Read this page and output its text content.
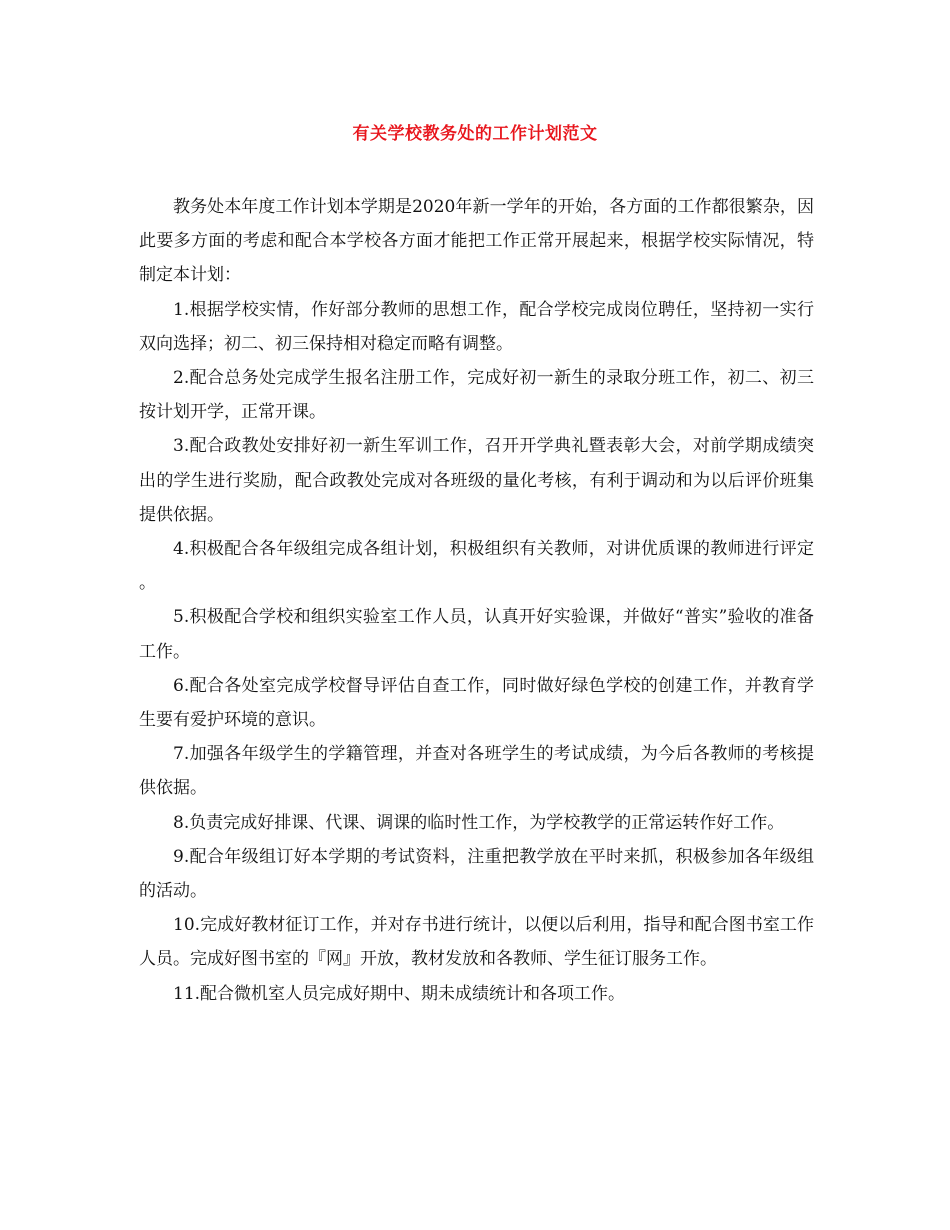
有关学校教务处的工作计划范文

教务处本年度工作计划本学期是2020年新一学年的开始，各方面的工作都很繁杂，因此要多方面的考虑和配合本学校各方面才能把工作正常开展起来，根据学校实际情况，特制定本计划：

1.根据学校实情，作好部分教师的思想工作，配合学校完成岗位聘任，坚持初一实行双向选择；初二、初三保持相对稳定而略有调整。

2.配合总务处完成学生报名注册工作，完成好初一新生的录取分班工作，初二、初三按计划开学，正常开课。

3.配合政教处安排好初一新生军训工作，召开开学典礼暨表彰大会，对前学期成绩突出的学生进行奖励，配合政教处完成对各班级的量化考核，有利于调动和为以后评价班集提供依据。

4.积极配合各年级组完成各组计划，积极组织有关教师，对讲优质课的教师进行评定。

5.积极配合学校和组织实验室工作人员，认真开好实验课，并做好“普实”验收的准备工作。

6.配合各处室完成学校督导评估自查工作，同时做好绿色学校的创建工作，并教育学生要有爱护环境的意识。

7.加强各年级学生的学籍管理，并查对各班学生的考试成绩，为今后各教师的考核提供依据。

8.负责完成好排课、代课、调课的临时性工作，为学校教学的正常运转作好工作。

9.配合年级组订好本学期的考试资料，注重把教学放在平时来抓，积极参加各年级组的活动。

10.完成好教材征订工作，并对存书进行统计，以便以后利用，指导和配合图书室工作人员。完成好图书室的『网』开放，教材发放和各教师、学生征订服务工作。

11.配合微机室人员完成好期中、期未成绩统计和各项工作。
